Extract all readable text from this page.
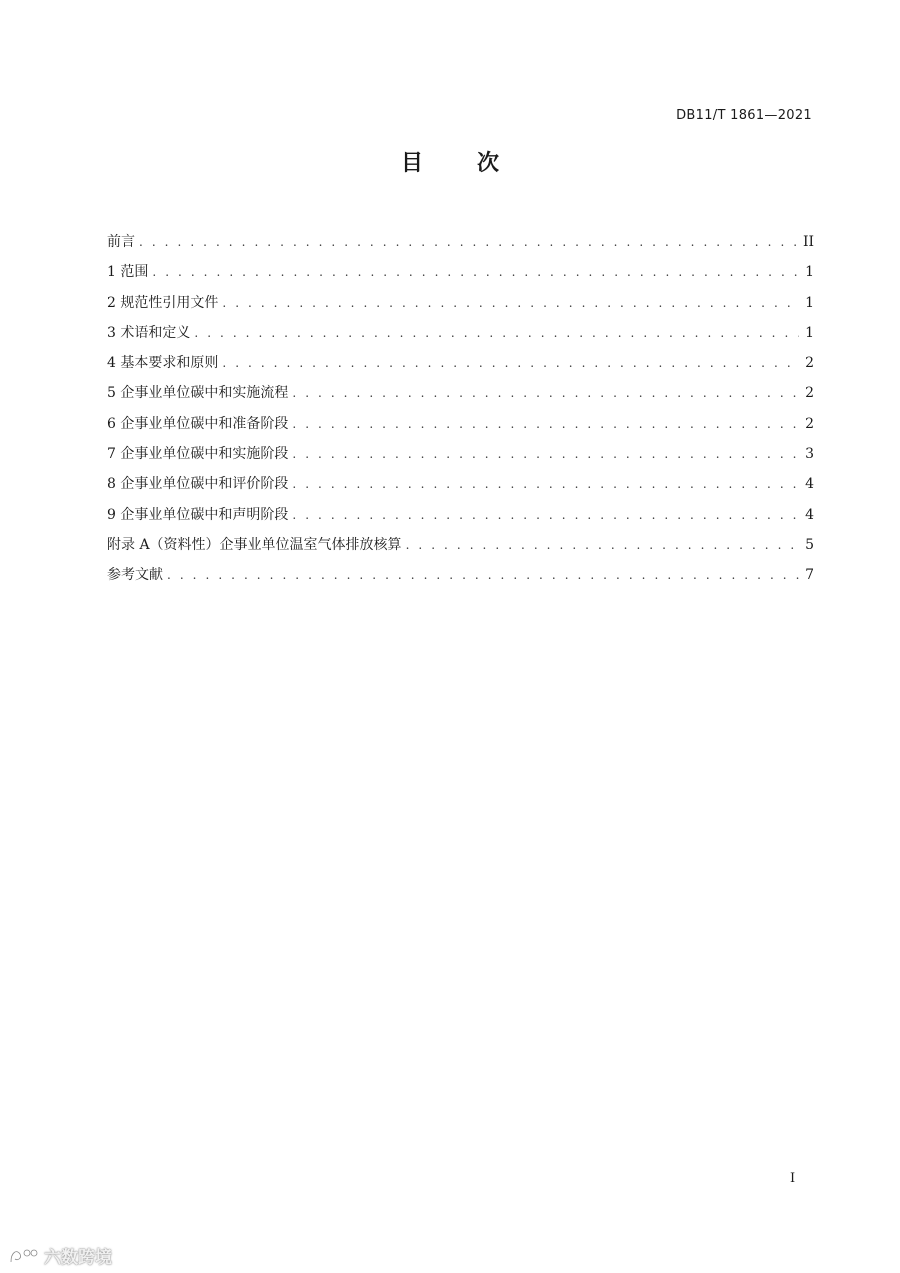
DB11/T 1861—2021
目 次
前言 . . .	II
1 范围 . . .	1
2 规范性引用文件 . . .	1
3 术语和定义 . . .	1
4 基本要求和原则 . . .	2
5 企事业单位碳中和实施流程 . . .	2
6 企事业单位碳中和准备阶段 . . .	2
7 企事业单位碳中和实施阶段 . . .	3
8 企事业单位碳中和评价阶段 . . .	4
9 企事业单位碳中和声明阶段 . . .	4
附录 A（资料性）企事业单位温室气体排放核算 . . .	5
参考文献 . . .	7
I
六数跨境
